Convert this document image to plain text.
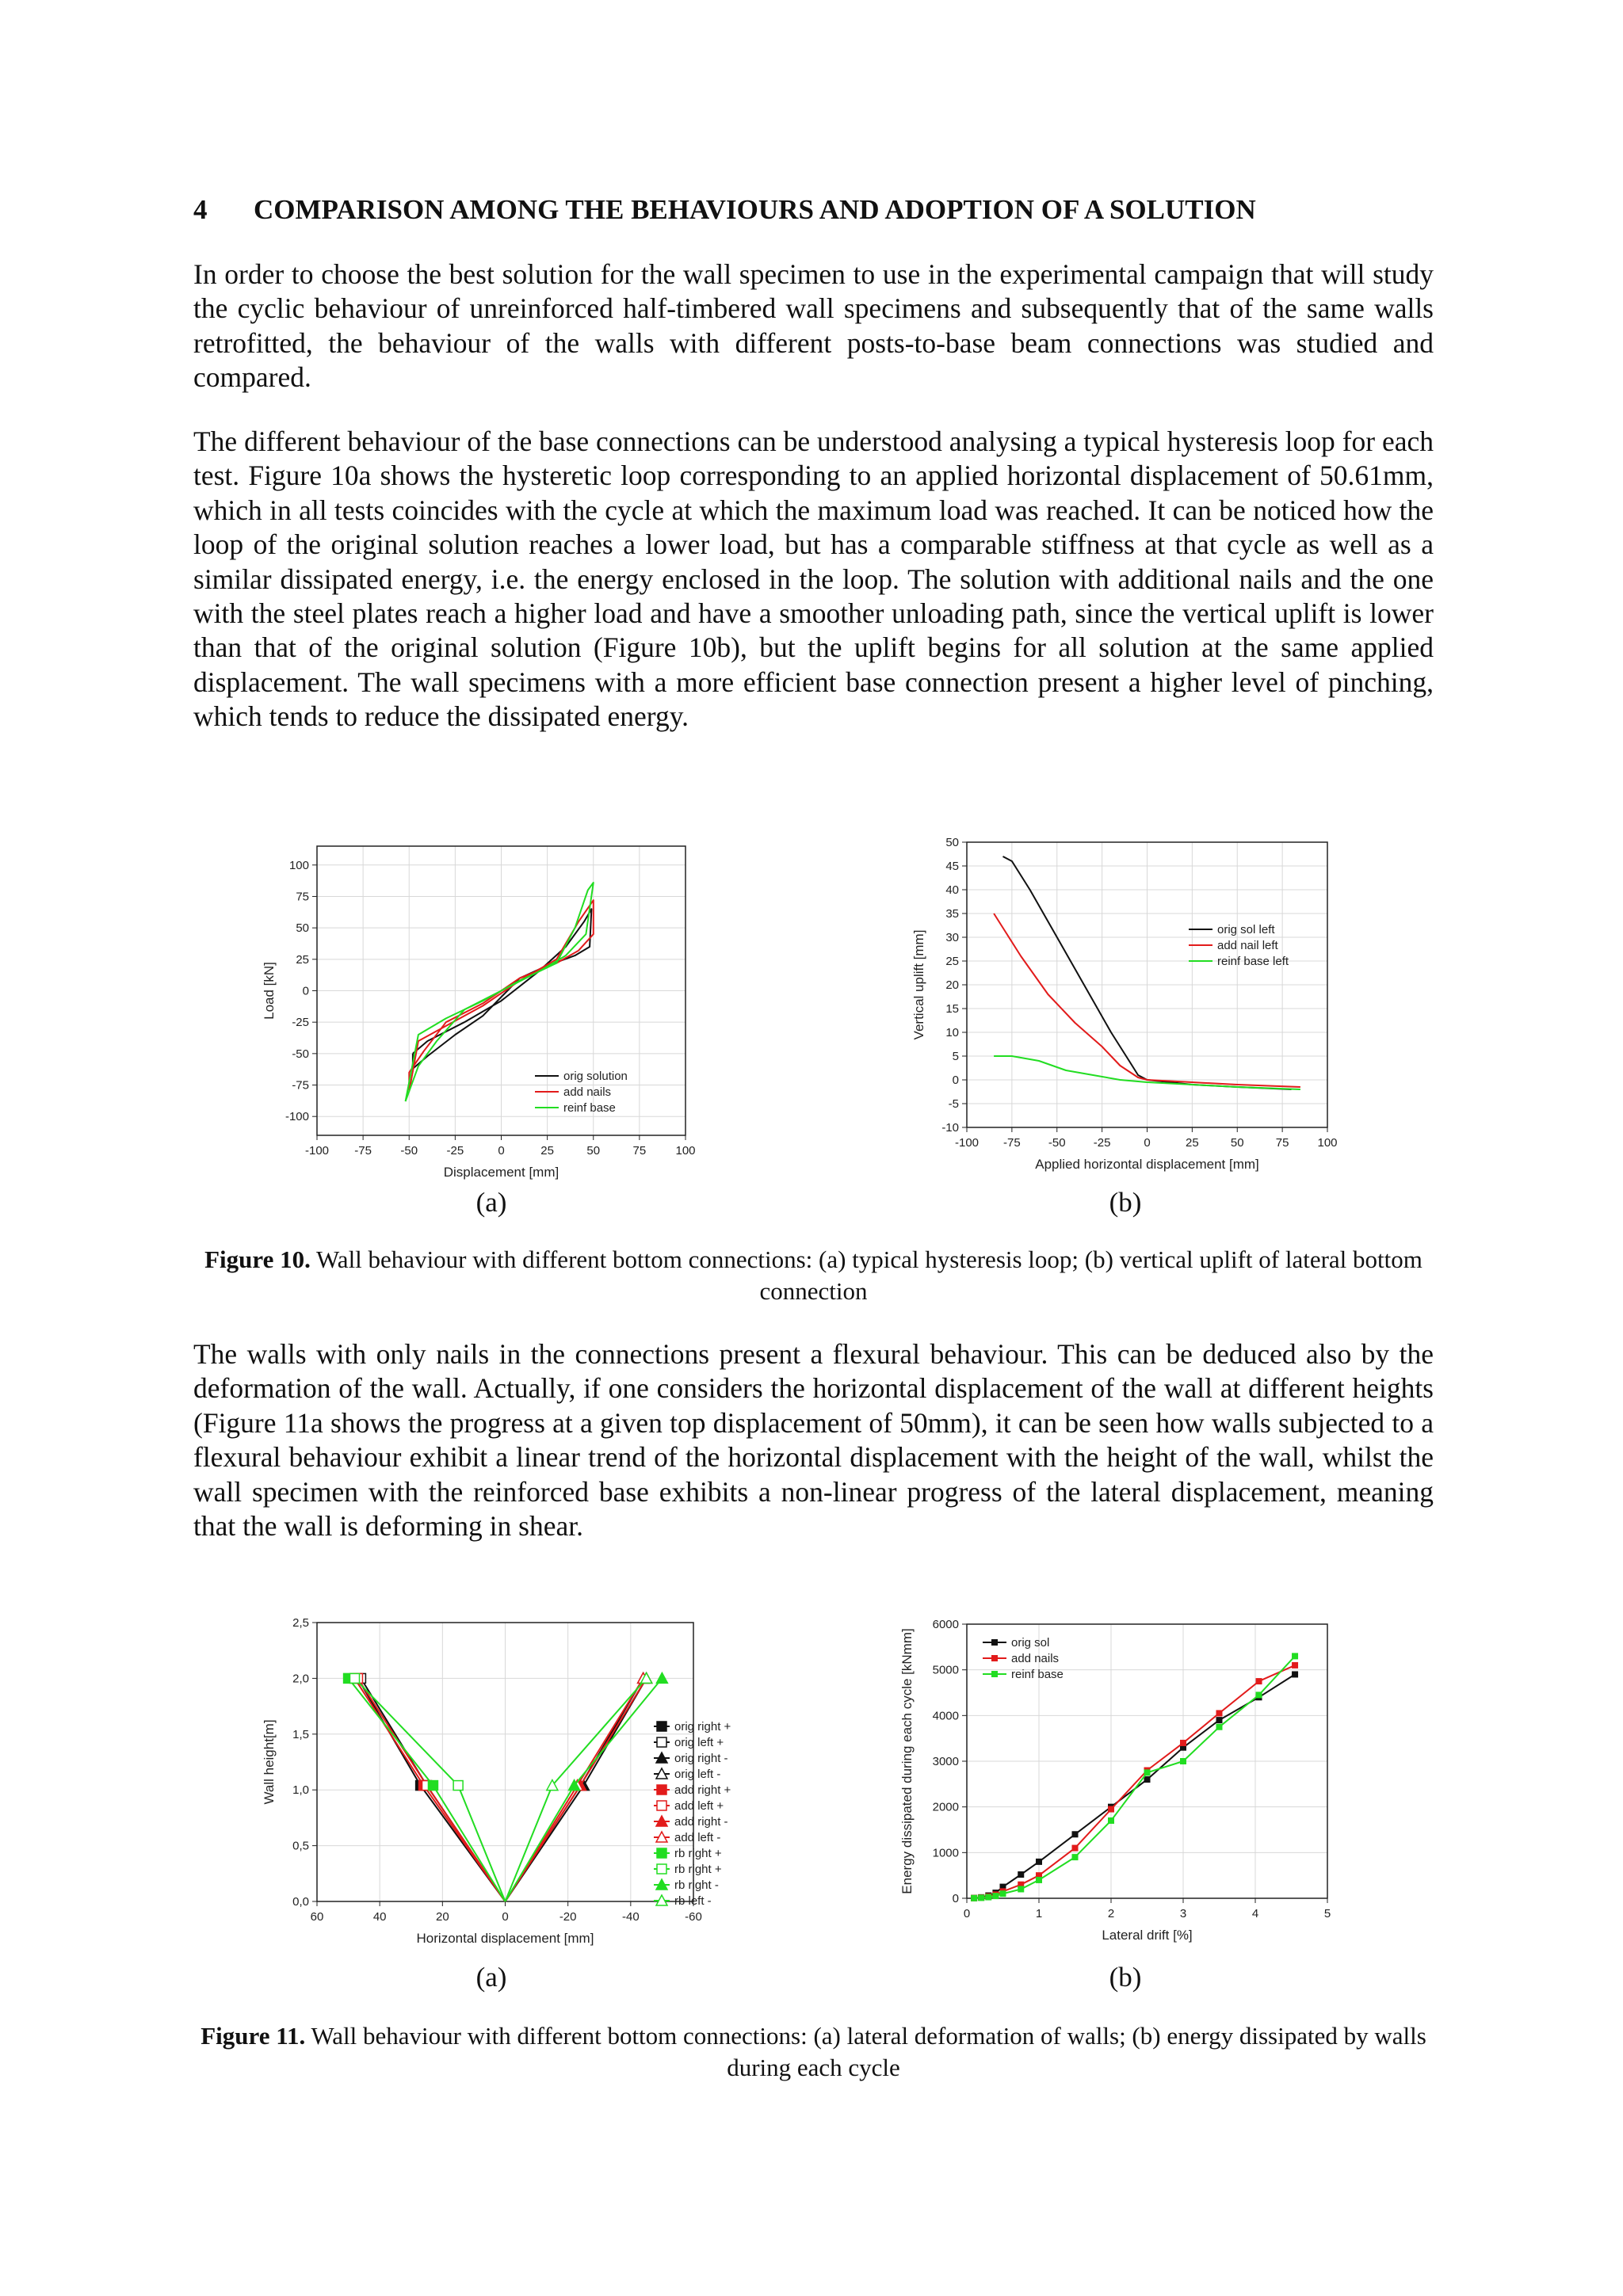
4 COMPARISON AMONG THE BEHAVIOURS AND ADOPTION OF A SOLUTION

In order to choose the best solution for the wall specimen to use in the experimental campaign that will study the cyclic behaviour of unreinforced half-timbered wall specimens and subsequently that of the same walls retrofitted, the behaviour of the walls with different posts-to-base beam connections was studied and compared.

The different behaviour of the base connections can be understood analysing a typical hysteresis loop for each test. Figure 10a shows the hysteretic loop corresponding to an applied horizontal displacement of 50.61mm, which in all tests coincides with the cycle at which the maximum load was reached. It can be noticed how the loop of the original solution reaches a lower load, but has a comparable stiffness at that cycle as well as a similar dissipated energy, i.e. the energy enclosed in the loop. The solution with additional nails and the one with the steel plates reach a higher load and have a smoother unloading path, since the vertical uplift is lower than that of the original solution (Figure 10b), but the uplift begins for all solution at the same applied displacement. The wall specimens with a more efficient base connection present a higher level of pinching, which tends to reduce the dissipated energy.

-100 -75 -50 -25	0	25	50	75 100
-100
-75
-50
-25
0
25
50
75
100
Displacement [mm]
Load [kN]
orig solution
add nails
reinf base
-100 -75 -50 -25	0	25	50	75 100
-10
-5
0
5
10
15
20
25
30
35
40
45
50
Applied horizontal displacement [mm]
Vertical uplift [mm]
orig sol left
add nail left
reinf base left
(a)	(b)
Figure 10. Wall behaviour with different bottom connections: (a) typical hysteresis loop; (b) vertical uplift of lateral bottom connection

The walls with only nails in the connections present a flexural behaviour. This can be deduced also by the deformation of the wall. Actually, if one considers the horizontal displacement of the wall at different heights (Figure 11a shows the progress at a given top displacement of 50mm), it can be seen how walls subjected to a flexural behaviour exhibit a linear trend of the horizontal displacement with the height of the wall, whilst the wall specimen with the reinforced base exhibits a non-linear progress of the lateral displacement, meaning that the wall is deforming in shear.

60	40	20	0	-20	-40	-60
0,0
0,5
1,0
1,5
2,0
2,5
Horizontal displacement [mm]
Wall height[m]	orig right +
orig left +
orig right -
orig left -
add right +
add left +
add right -
add left -
rb right +
rb right +
rb right -
rb left -
0	1	2	3	4	5
0
1000
2000
3000
4000
5000
6000
Lateral drift [%]
Energy dissipated during each cycle [kNmm]	orig sol
add nails
reinf base
(a)	(b)
Figure 11. Wall behaviour with different bottom connections: (a) lateral deformation of walls; (b) energy dissipated by walls during each cycle
